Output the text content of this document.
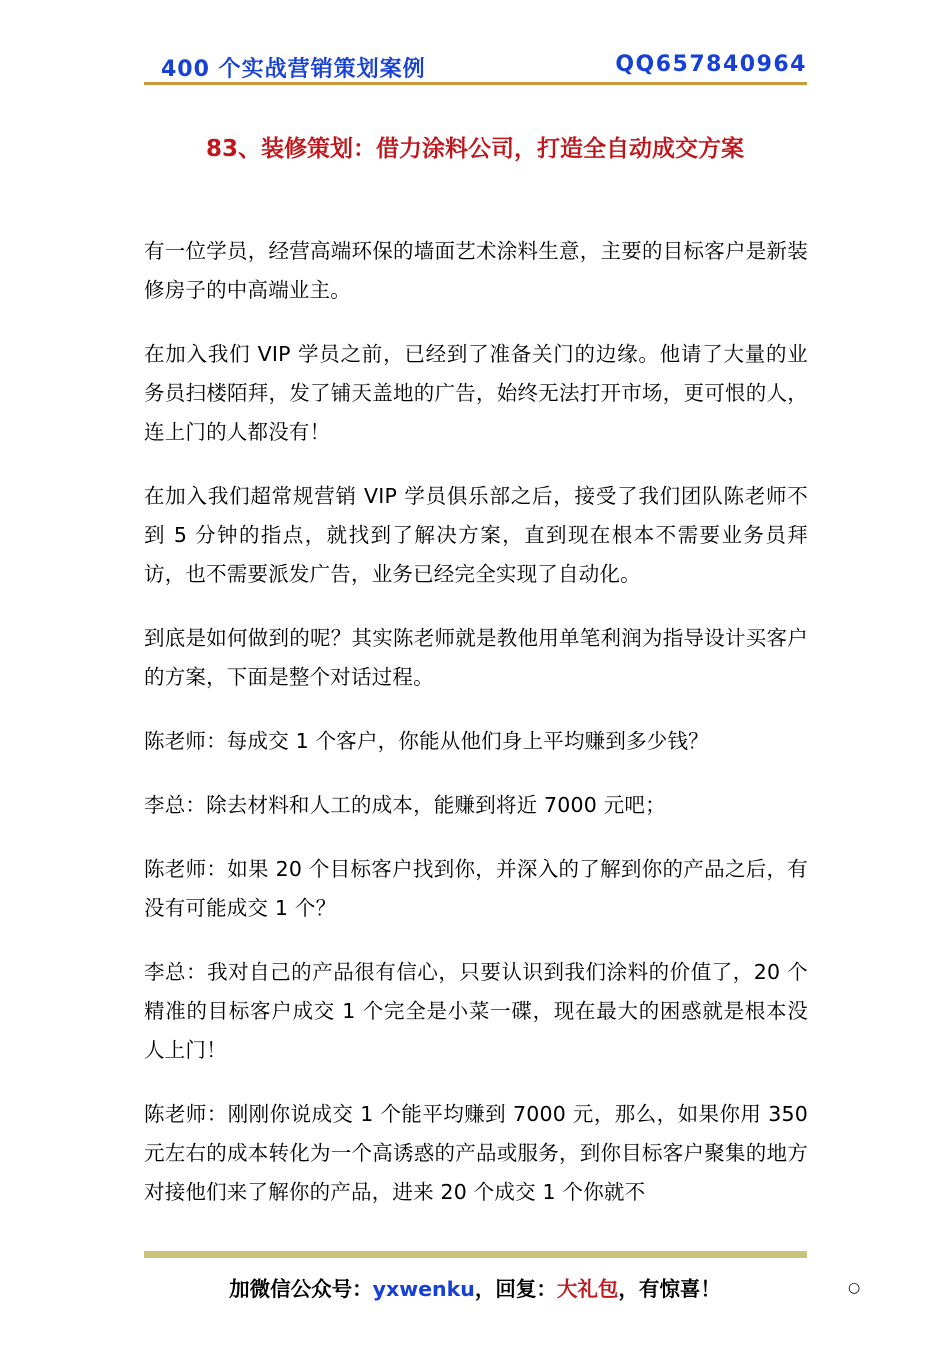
400 个实战营销策划案例	QQ657840964
83、装修策划：借力涂料公司，打造全自动成交方案

有一位学员，经营高端环保的墙面艺术涂料生意，主要的目标客户是新装修房子的中高端业主。

在加入我们 VIP 学员之前，已经到了准备关门的边缘。他请了大量的业务员扫楼陌拜，发了铺天盖地的广告，始终无法打开市场，更可恨的人，连上门的人都没有！

在加入我们超常规营销 VIP 学员俱乐部之后，接受了我们团队陈老师不到 5 分钟的指点，就找到了解决方案，直到现在根本不需要业务员拜访，也不需要派发广告，业务已经完全实现了自动化。

到底是如何做到的呢？其实陈老师就是教他用单笔利润为指导设计买客户的方案，下面是整个对话过程。

陈老师：每成交 1 个客户，你能从他们身上平均赚到多少钱？

李总：除去材料和人工的成本，能赚到将近 7000 元吧；

陈老师：如果 20 个目标客户找到你，并深入的了解到你的产品之后，有没有可能成交 1 个？

李总：我对自己的产品很有信心，只要认识到我们涂料的价值了，20 个精准的目标客户成交 1 个完全是小菜一碟，现在最大的困惑就是根本没人上门！

陈老师：刚刚你说成交 1 个能平均赚到 7000 元，那么，如果你用 350 元左右的成本转化为一个高诱惑的产品或服务，到你目标客户聚集的地方对接他们来了解你的产品，进来 20 个成交 1 个你就不

加微信公众号：yxwenku，回复：大礼包，有惊喜！	○
